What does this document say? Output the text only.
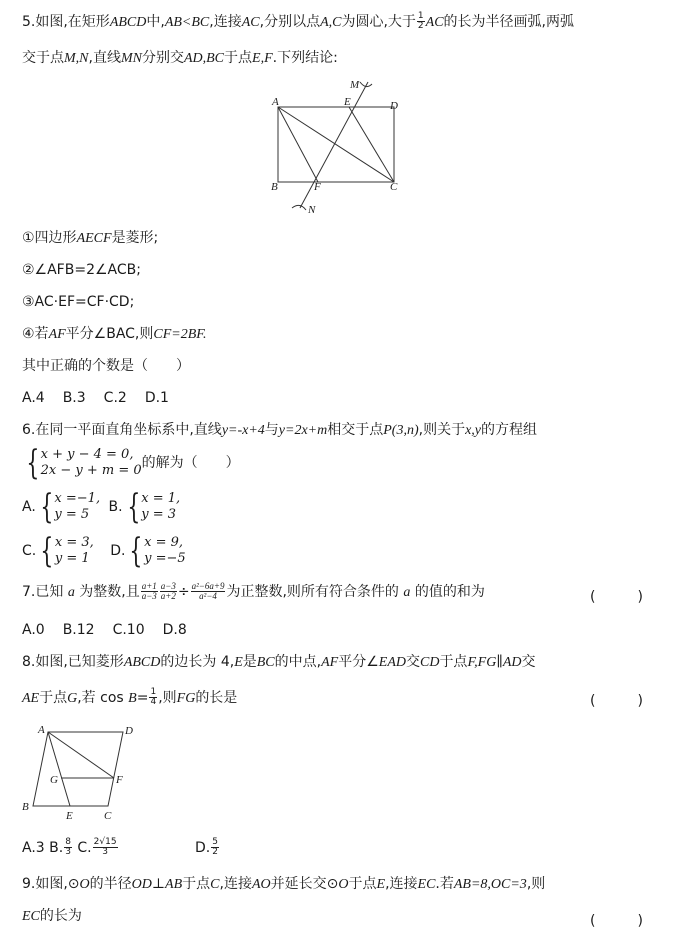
5.如图,在矩形ABCD中,AB<BC,连接AC,分别以点A,C为圆心,大于 $\frac{1}{2}$ AC的长为半径画弧,两弧
交于点M,N,直线MN分别交AD,BC于点E,F.下列结论:
A	E	D
M
B	F	C
N
①四边形AECF是菱形;
②∠AFB=2∠ACB;
③AC·EF=CF·CD;
④若AF平分∠BAC,则CF=2BF.
其中正确的个数是（　　）
A.4 B.3 C.2 D.1
6.在同一平面直角坐标系中,直线y=-x+4与y=2x+m相交于点P(3,n),则关于x,y的方程组
{ x + y − 4 = 0,
2x − y + m = 0 的解为（　　）
A. { x =−1,
y = 5	B. { x = 1,
y = 3
C. { x = 3,
y = 1 D. { x = 9,
y =−5
7.已知 a 为整数,且 $\frac{a+1}{a-3} \frac{a-3}{a+2} \div \frac{\text{a²−6a+9}}{\text{a²−4}}$ 为正整数,则所有符合条件的 a 的值的和为	(　　　)
A.0 B.12 C.10 D.8
8.如图,已知菱形ABCD的边长为 4,E是BC的中点,AF平分∠EAD交CD于点F,FG∥AD交
AE于点G,若 $\cos B= \frac{1}{4}$ ,则FG的长是	(　　　)
A	D
G	F
B
E	C
A.3 B. $\frac{8}{3} C$. $\frac{2√15}{3}$	D. $\frac{5}{2}$
9.如图,⊙O的半径OD⊥AB于点C,连接AO并延长交⊙O于点E,连接EC.若AB=8,OC=3,则
EC的长为	(　　　)
